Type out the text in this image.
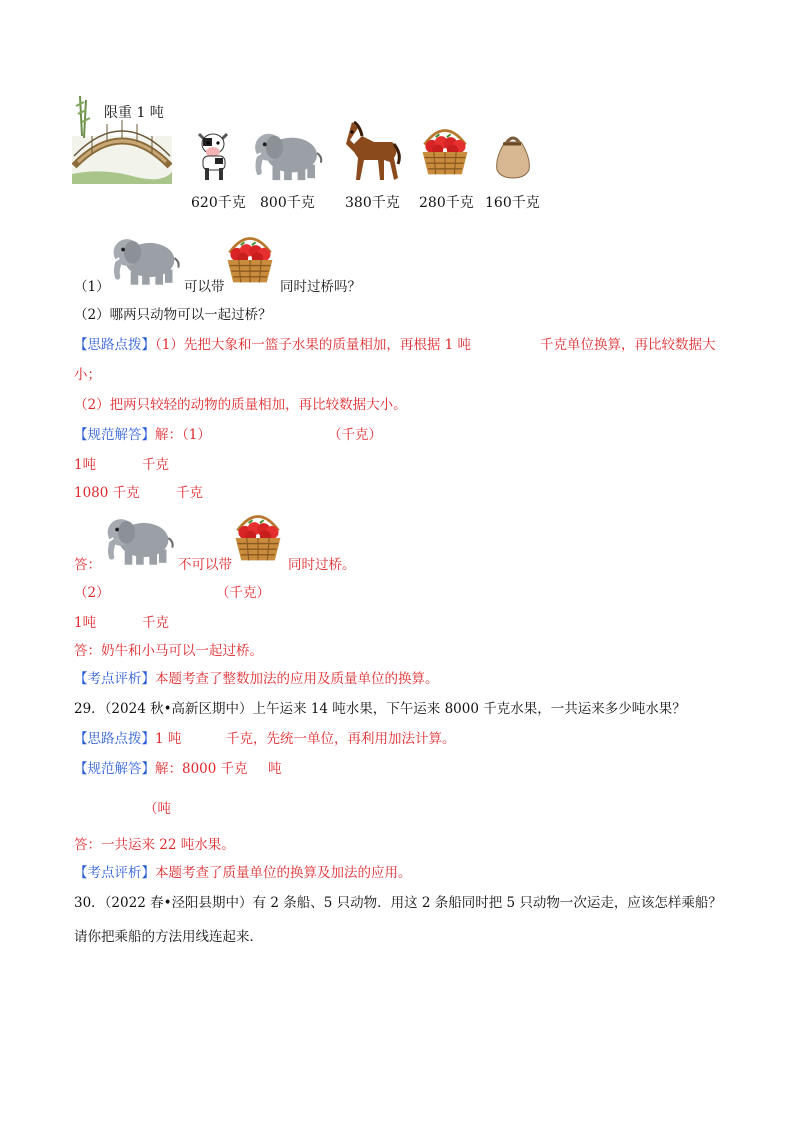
限重 1 吨
620千克 800千克 380千克 280千克 160千克
（1）	可以带	同时过桥吗？
（2）哪两只动物可以一起过桥？
【思路点拨】（1）先把大象和一篮子水果的质量相加，再根据 1 吨	千克单位换算，再比较数据大
小；
（2）把两只较轻的动物的质量相加，再比较数据大小。
【规范解答】解：（1）	（千克）
1吨	千克
1080 千克	千克
答：	不可以带	同时过桥。
（2）	（千克）
1吨	千克
答：奶牛和小马可以一起过桥。
【考点评析】本题考查了整数加法的应用及质量单位的换算。
29．（2024 秋•高新区期中）上午运来 14 吨水果，下午运来 8000 千克水果，一共运来多少吨水果？
【思路点拨】1 吨	千克，先统一单位，再利用加法计算。
【规范解答】解：8000 千克 吨
（吨
答：一共运来 22 吨水果。
【考点评析】本题考查了质量单位的换算及加法的应用。
30．（2022 春•泾阳县期中）有 2 条船、5 只动物．用这 2 条船同时把 5 只动物一次运走，应该怎样乘船？
请你把乘船的方法用线连起来．
